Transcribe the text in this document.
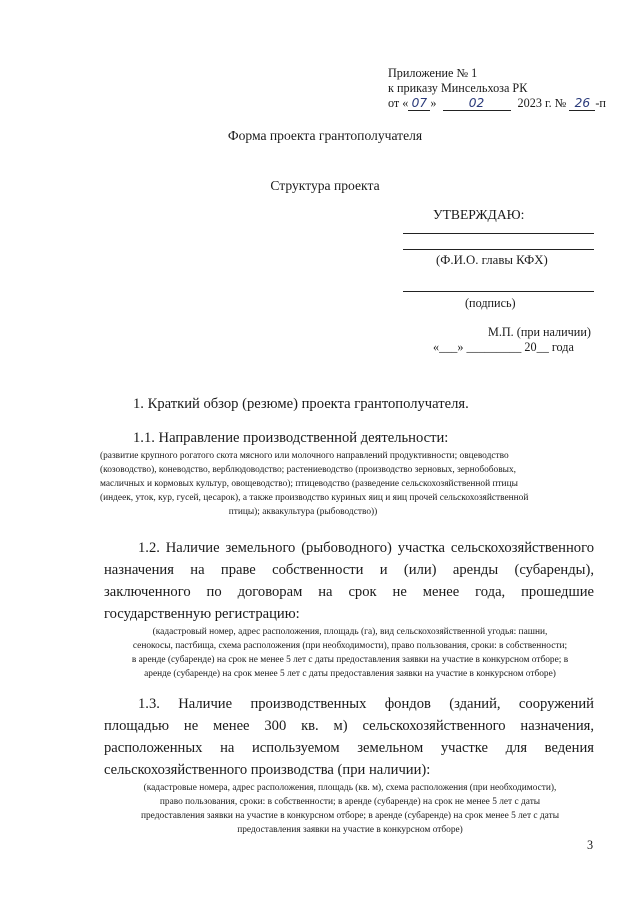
Приложение № 1
к приказу Минсельхоза РК
от « 07 »	02	2023 г. № 26 -п
Форма проекта грантополучателя
Структура проекта
УТВЕРЖДАЮ:
(Ф.И.О. главы КФХ)
(подпись)
М.П. (при наличии)
«___» _________ 20__ года
1. Краткий обзор (резюме) проекта грантополучателя.
1.1. Направление производственной деятельности:
(развитие крупного рогатого скота мясного или молочного направлений продуктивности; овцеводство
(козоводство), коневодство, верблюдоводство; растениеводство (производство зерновых, зернобобовых,
масличных и кормовых культур, овощеводство); птицеводство (разведение сельскохозяйственной птицы
(индеек, уток, кур, гусей, цесарок), а также производство куриных яиц и яиц прочей сельскохозяйственной
птицы); аквакультура (рыбоводство))
1.2. Наличие земельного (рыбоводного) участка сельскохозяйственного
назначения на праве собственности и (или) аренды (субаренды),
заключенного по договорам на срок не менее года, прошедшие
государственную регистрацию:
(кадастровый номер, адрес расположения, площадь (га), вид сельскохозяйственной угодья: пашни,
сенокосы, пастбища, схема расположения (при необходимости), право пользования, сроки: в собственности;
в аренде (субаренде) на срок не менее 5 лет с даты предоставления заявки на участие в конкурсном отборе; в
аренде (субаренде) на срок менее 5 лет с даты предоставления заявки на участие в конкурсном отборе)
1.3. Наличие производственных фондов (зданий, сооружений
площадью не менее 300 кв. м) сельскохозяйственного назначения,
расположенных на используемом земельном участке для ведения
сельскохозяйственного производства (при наличии):
(кадастровые номера, адрес расположения, площадь (кв. м), схема расположения (при необходимости),
право пользования, сроки: в собственности; в аренде (субаренде) на срок не менее 5 лет с даты
предоставления заявки на участие в конкурсном отборе; в аренде (субаренде) на срок менее 5 лет с даты
предоставления заявки на участие в конкурсном отборе)
3
